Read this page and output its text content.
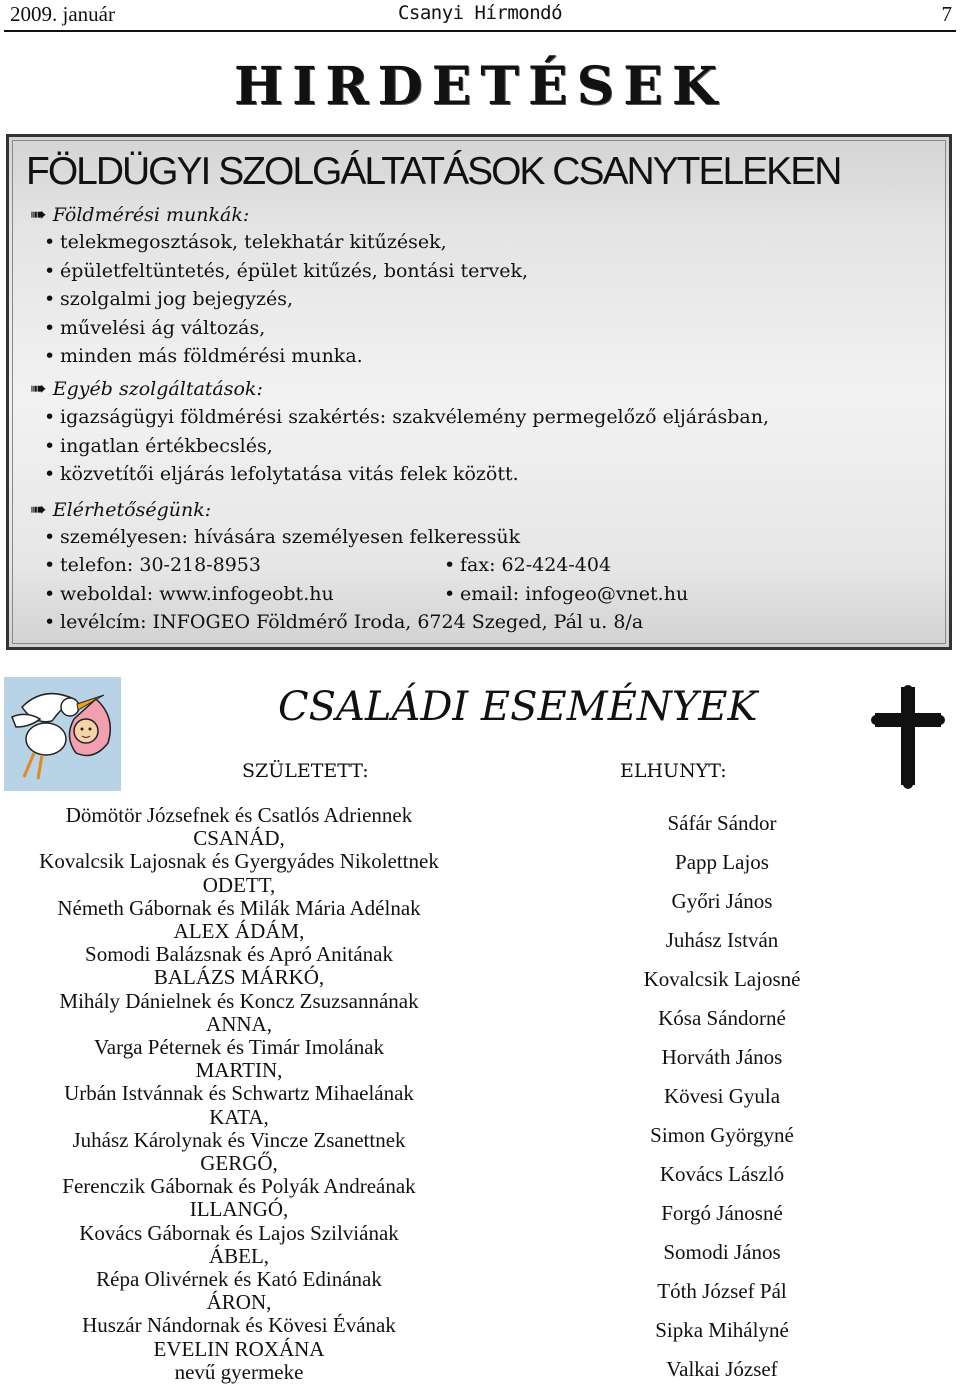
2009. január	Csanyi Hírmondó	7
HIRDETÉSEK
FÖLDÜGYI SZOLGÁLTATÁSOK CSANYTELEKEN
➠ Földmérési munkák:
• telekmegosztások, telekhatár kitűzések,
• épületfeltüntetés, épület kitűzés, bontási tervek,
• szolgalmi jog bejegyzés,
• művelési ág változás,
• minden más földmérési munka.
➠ Egyéb szolgáltatások:
• igazságügyi földmérési szakértés: szakvélemény permegelőző eljárásban,
• ingatlan értékbecslés,
• közvetítői eljárás lefolytatása vitás felek között.
➠ Elérhetőségünk:
• személyesen: hívására személyesen felkeressük
• telefon: 30-218-8953	• fax: 62-424-404
• weboldal: www.infogeobt.hu	• email: infogeo@vnet.hu
• levélcím: INFOGEO Földmérő Iroda, 6724 Szeged, Pál u. 8/a
CSALÁDI ESEMÉNYEK
SZÜLETETT:	ELHUNYT:
Dömötör Józsefnek és Csatlós Adriennek
CSANÁD,
Kovalcsik Lajosnak és Gyergyádes Nikolettnek
ODETT,
Németh Gábornak és Milák Mária Adélnak
ALEX ÁDÁM,
Somodi Balázsnak és Apró Anitának
BALÁZS MÁRKÓ,
Mihály Dánielnek és Koncz Zsuzsannának
ANNA,
Varga Péternek és Timár Imolának
MARTIN,
Urbán Istvánnak és Schwartz Mihaelának
KATA,
Juhász Károlynak és Vincze Zsanettnek
GERGŐ,
Ferenczik Gábornak és Polyák Andreának
ILLANGÓ,
Kovács Gábornak és Lajos Szilviának
ÁBEL,
Répa Olivérnek és Kató Edinának
ÁRON,
Huszár Nándornak és Kövesi Évának
EVELIN ROXÁNA
nevű gyermeke
Sáfár Sándor
Papp Lajos
Győri János
Juhász István
Kovalcsik Lajosné
Kósa Sándorné
Horváth János
Kövesi Gyula
Simon Györgyné
Kovács László
Forgó Jánosné
Somodi János
Tóth József Pál
Sipka Mihályné
Valkai József
